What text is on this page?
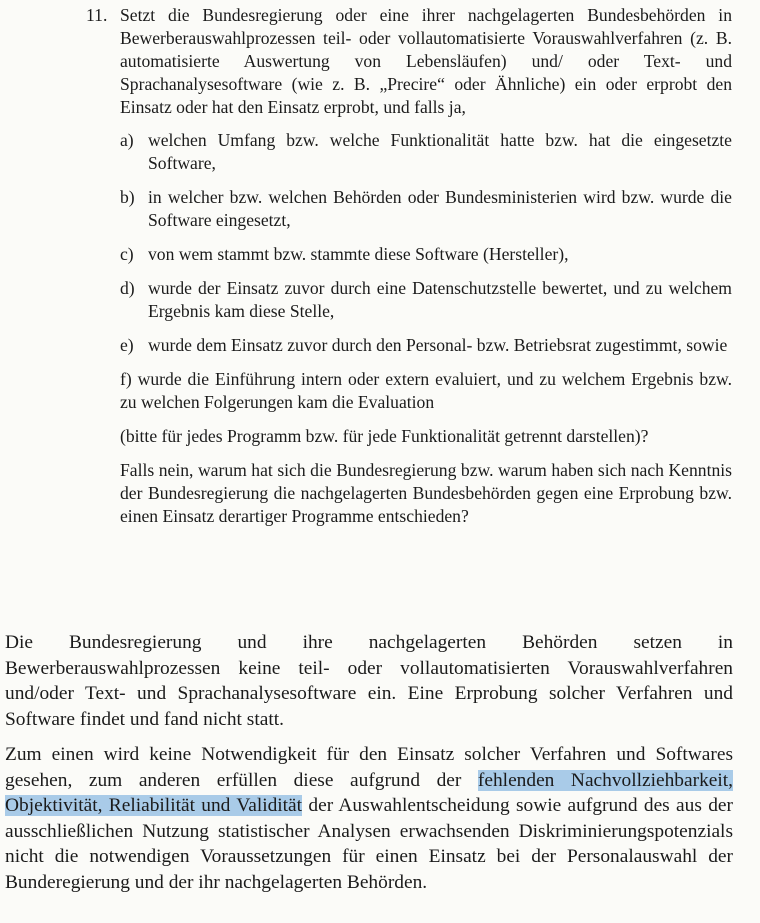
11. Setzt die Bundesregierung oder eine ihrer nachgelagerten Bundesbehörden in Bewerberauswahlprozessen teil- oder vollautomatisierte Vorauswahlverfahren (z. B. automatisierte Auswertung von Lebensläufen) und/ oder Text- und Sprachanalysesoftware (wie z. B. „Precire“ oder Ähnliche) ein oder erprobt den Einsatz oder hat den Einsatz erprobt, und falls ja,
a) welchen Umfang bzw. welche Funktionalität hatte bzw. hat die eingesetzte Software,
b) in welcher bzw. welchen Behörden oder Bundesministerien wird bzw. wurde die Software eingesetzt,
c) von wem stammt bzw. stammte diese Software (Hersteller),
d) wurde der Einsatz zuvor durch eine Datenschutzstelle bewertet, und zu welchem Ergebnis kam diese Stelle,
e) wurde dem Einsatz zuvor durch den Personal- bzw. Betriebsrat zugestimmt, sowie
f) wurde die Einführung intern oder extern evaluiert, und zu welchem Ergebnis bzw. zu welchen Folgerungen kam die Evaluation
(bitte für jedes Programm bzw. für jede Funktionalität getrennt darstellen)?
Falls nein, warum hat sich die Bundesregierung bzw. warum haben sich nach Kenntnis der Bundesregierung die nachgelagerten Bundesbehörden gegen eine Erprobung bzw. einen Einsatz derartiger Programme entschieden?

Die Bundesregierung und ihre nachgelagerten Behörden setzen in Bewerberauswahlprozessen keine teil- oder vollautomatisierten Vorauswahlverfahren und/oder Text- und Sprachanalysesoftware ein. Eine Erprobung solcher Verfahren und Software findet und fand nicht statt.

Zum einen wird keine Notwendigkeit für den Einsatz solcher Verfahren und Softwares gesehen, zum anderen erfüllen diese aufgrund der fehlenden Nachvollziehbarkeit, Objektivität, Reliabilität und Validität der Auswahlentscheidung sowie aufgrund des aus der ausschließlichen Nutzung statistischer Analysen erwachsenden Diskriminierungspotenzials nicht die notwendigen Voraussetzungen für einen Einsatz bei der Personalauswahl der Bunderegierung und der ihr nachgelagerten Behörden.
